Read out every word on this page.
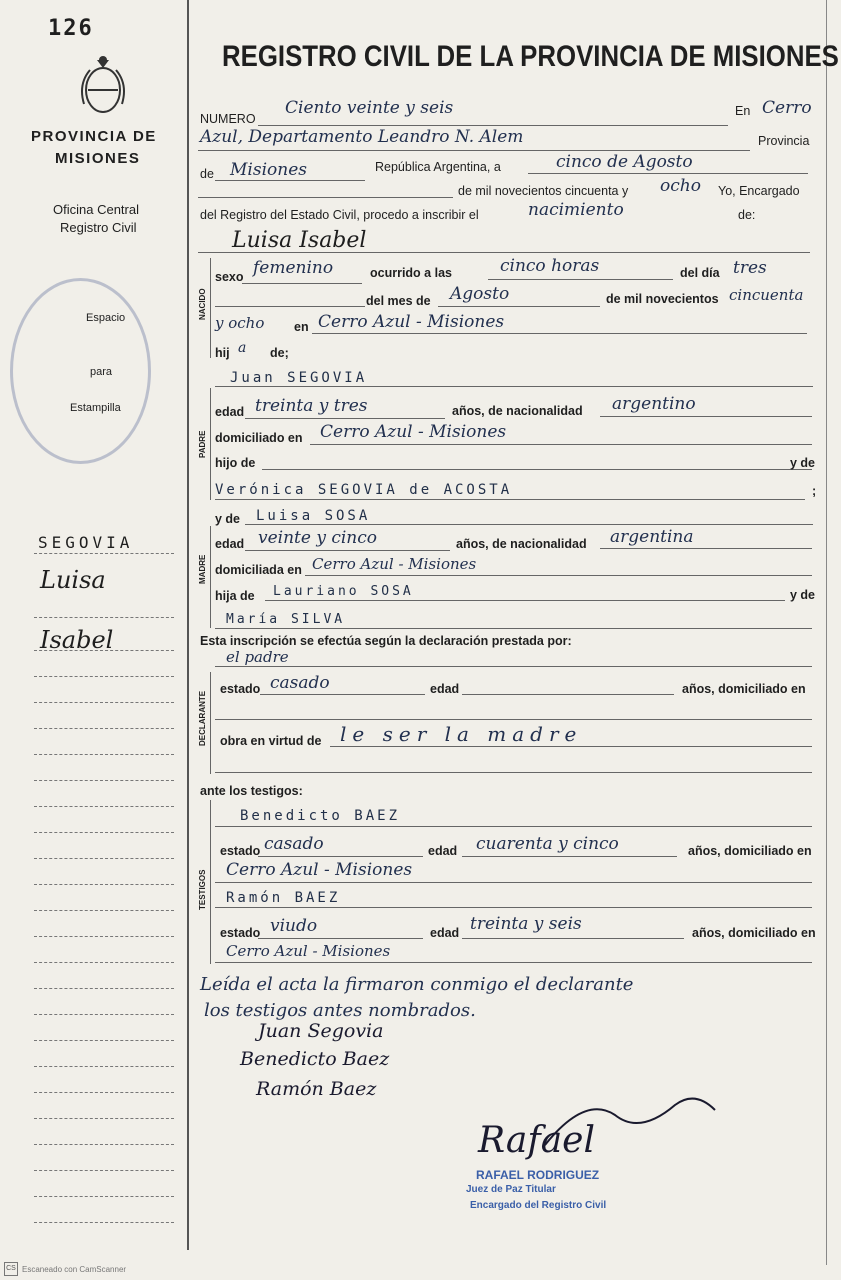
126
PROVINCIA DE
MISIONES
Oficina Central
Registro Civil
Espacio
para
Estampilla
SEGOVIA
Luisa
Isabel
REGISTRO CIVIL DE LA PROVINCIA DE MISIONES
NUMERO
Ciento veinte y seis	En Cerro
Azul, Departamento Leandro N. Alem	Provincia
de Misiones	República Argentina, a	cinco de Agosto
de mil novecientos cincuenta y ocho Yo, Encargado
del Registro del Estado Civil, procedo a inscribir el	nacimiento	de:
Luisa Isabel
NACIDO
sexo femenino	ocurrido a las	cinco horas	del día tres
del mes de Agosto	de mil novecientos cincuenta
y ocho en Cerro Azul - Misiones
hij a de;
PADRE
Juan SEGOVIA
edad treinta y tres	años, de nacionalidad argentino
domiciliado en Cerro Azul - Misiones
hijo de	y de
Verónica SEGOVIA de ACOSTA	;
MADRE
y de Luisa SOSA
edad veinte y cinco	años, de nacionalidad argentina
domiciliada en Cerro Azul - Misiones
hija de Lauriano SOSA	y de
María SILVA
Esta inscripción se efectúa según la declaración prestada por:
el padre
DECLARANTE
estado casado	edad	años, domiciliado en
obra en virtud de le ser la madre
ante los testigos:
TESTIGOS
Benedicto BAEZ
estado casado	edad cuarenta y cinco	años, domiciliado en
Cerro Azul - Misiones
Ramón BAEZ
estado viudo	edad treinta y seis	años, domiciliado en
Cerro Azul - Misiones
Leída el acta la firmaron conmigo el declarante
los testigos antes nombrados.
Juan Segovia
Benedicto Baez
Ramón Baez
Rafael
RAFAEL RODRIGUEZ
Juez de Paz Titular
Encargado del Registro Civil
CS Escaneado con CamScanner
